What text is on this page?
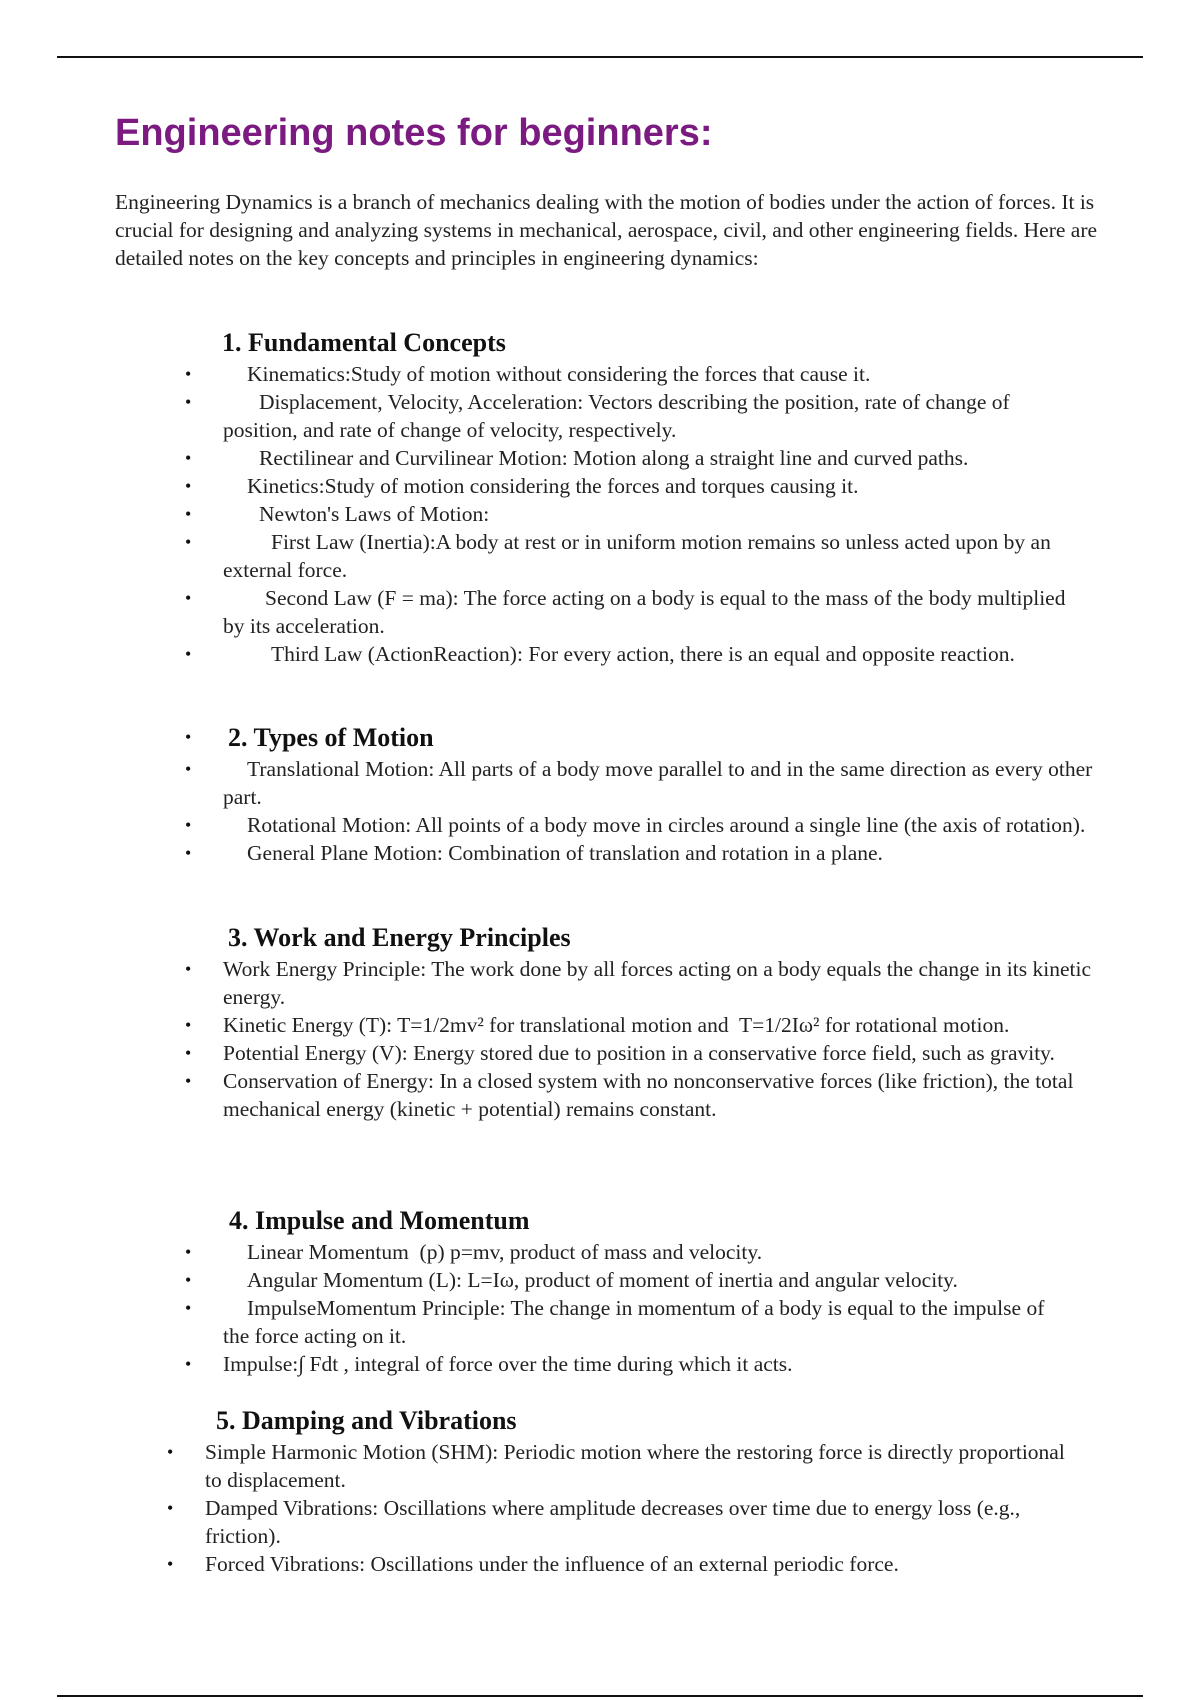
Engineering notes for beginners:

Engineering Dynamics is a branch of mechanics dealing with the motion of bodies under the action of forces. It is crucial for designing and analyzing systems in mechanical, aerospace, civil, and other engineering fields. Here are detailed notes on the key concepts and principles in engineering dynamics:

1. Fundamental Concepts
•	Kinematics:Study of motion without considering the forces that cause it.
•	Displacement, Velocity, Acceleration: Vectors describing the position, rate of change of position, and rate of change of velocity, respectively.
•	Rectilinear and Curvilinear Motion: Motion along a straight line and curved paths.
•	Kinetics:Study of motion considering the forces and torques causing it.
•	Newton's Laws of Motion:
•	First Law (Inertia):A body at rest or in uniform motion remains so unless acted upon by an external force.
•	Second Law (F = ma): The force acting on a body is equal to the mass of the body multiplied by its acceleration.
•	Third Law (ActionReaction): For every action, there is an equal and opposite reaction.
• 2. Types of Motion
•	Translational Motion: All parts of a body move parallel to and in the same direction as every other part.
•	Rotational Motion: All points of a body move in circles around a single line (the axis of rotation).
•	General Plane Motion: Combination of translation and rotation in a plane.
3. Work and Energy Principles
• Work Energy Principle: The work done by all forces acting on a body equals the change in its kinetic energy.
• Kinetic Energy (T): T=1/2mv² for translational motion and  T=1/2Iω² for rotational motion.
• Potential Energy (V): Energy stored due to position in a conservative force field, such as gravity.
• Conservation of Energy: In a closed system with no nonconservative forces (like friction), the total mechanical energy (kinetic + potential) remains constant.
4. Impulse and Momentum
•	Linear Momentum  (p) p=mv, product of mass and velocity.
•	Angular Momentum (L): L=Iω, product of moment of inertia and angular velocity.
•	ImpulseMomentum Principle: The change in momentum of a body is equal to the impulse of the force acting on it.
• Impulse:∫ Fdt , integral of force over the time during which it acts.
5. Damping and Vibrations
• Simple Harmonic Motion (SHM): Periodic motion where the restoring force is directly proportional to displacement.
• Damped Vibrations: Oscillations where amplitude decreases over time due to energy loss (e.g., friction).
• Forced Vibrations: Oscillations under the influence of an external periodic force.
